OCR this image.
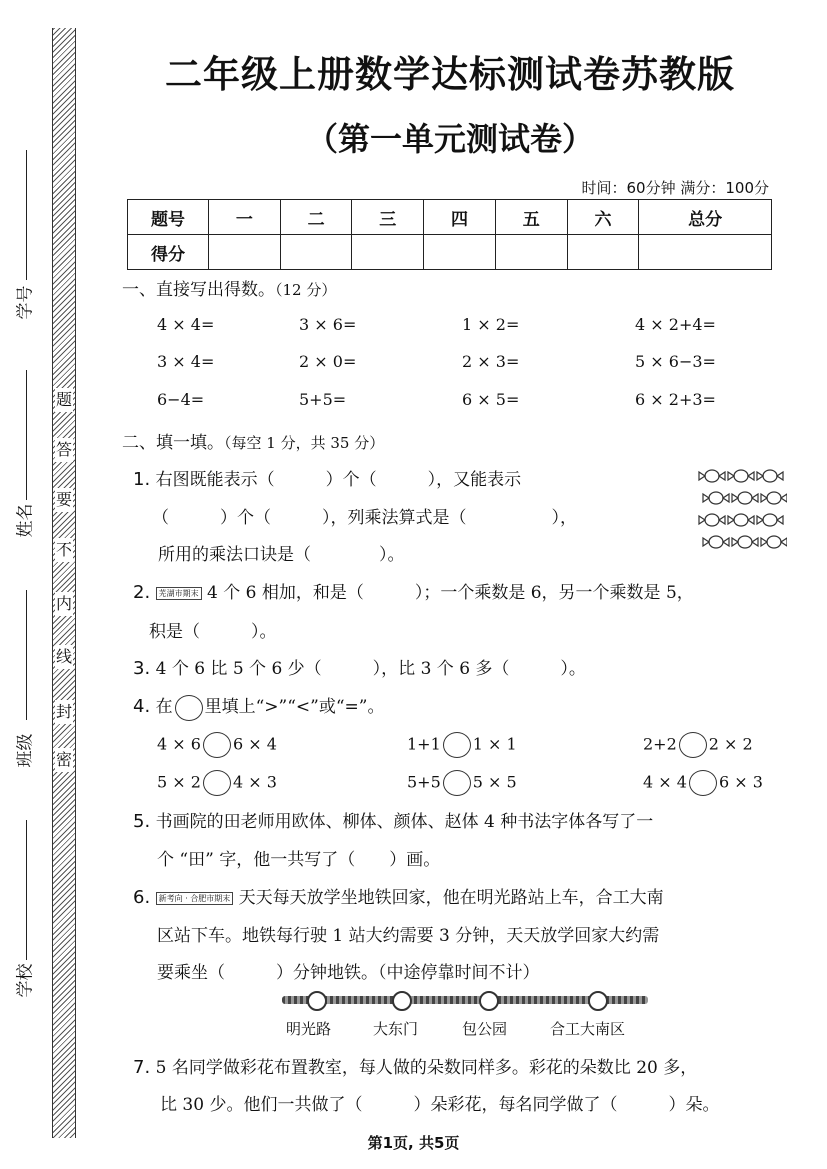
题
答
要
不
内
线
封
密
学号
姓名
班级
学校
二年级上册数学达标测试卷苏教版
（第一单元测试卷）
时间：60分钟 满分：100分
题号	一	二	三	四	五	六	总分
得分							
一、直接写出得数。（12 分）
4 × 4=	3 × 6=	1 × 2=	4 × 2+4=
3 × 4=	2 × 0=	2 × 3=	5 × 6−3=
6−4=	5+5=	6 × 5=	6 × 2+3=
二、填一填。（每空 1 分，共 35 分）
1. 右图既能表示（　　　）个（　　　），又能表示
（　　　）个（　　　），列乘法算式是（　　　　　），
所用的乘法口诀是（　　　　）。
2. 芜湖市期末 4 个 6 相加，和是（　　　）；一个乘数是 6，另一个乘数是 5，
积是（　　　）。
3. 4 个 6 比 5 个 6 少（　　　），比 3 个 6 多（　　　）。
4. 在 里填上“>”“<”或“=”。
4 × 6 6 × 4	1+1 1 × 1	2+2 2 × 2
5 × 2 4 × 3	5+5 5 × 5	4 × 4 6 × 3
5. 书画院的田老师用欧体、柳体、颜体、赵体 4 种书法字体各写了一
个 “田” 字，他一共写了（　　）画。
6. 新考向 · 合肥市期末 天天每天放学坐地铁回家，他在明光路站上车，合工大南
区站下车。地铁每行驶 1 站大约需要 3 分钟，天天放学回家大约需
要乘坐（　　　）分钟地铁。（中途停靠时间不计）
明光路	大东门	包公园	合工大南区
7. 5 名同学做彩花布置教室，每人做的朵数同样多。彩花的朵数比 20 多，
比 30 少。他们一共做了（　　　）朵彩花，每名同学做了（　　　）朵。
第1页, 共5页
